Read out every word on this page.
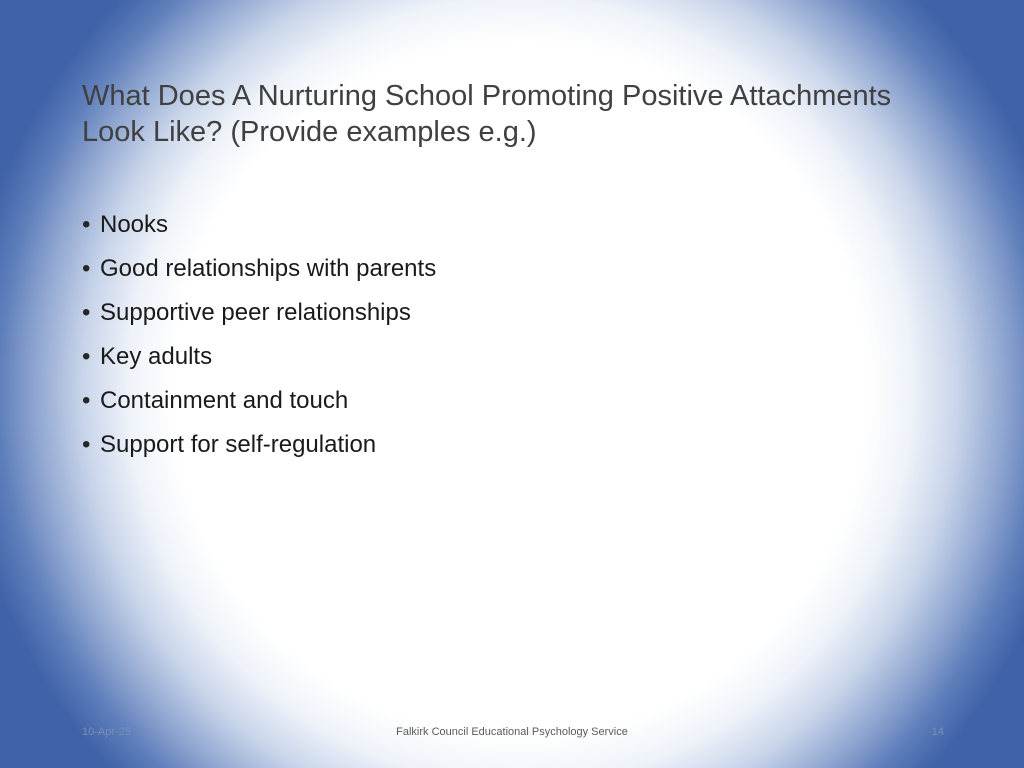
What Does A Nurturing School Promoting Positive Attachments
Look Like? (Provide examples e.g.)
• Nooks
• Good relationships with parents
• Supportive peer relationships
• Key adults
• Containment and touch
• Support for self-regulation
10-Apr-25	Falkirk Council Educational Psychology Service	14
